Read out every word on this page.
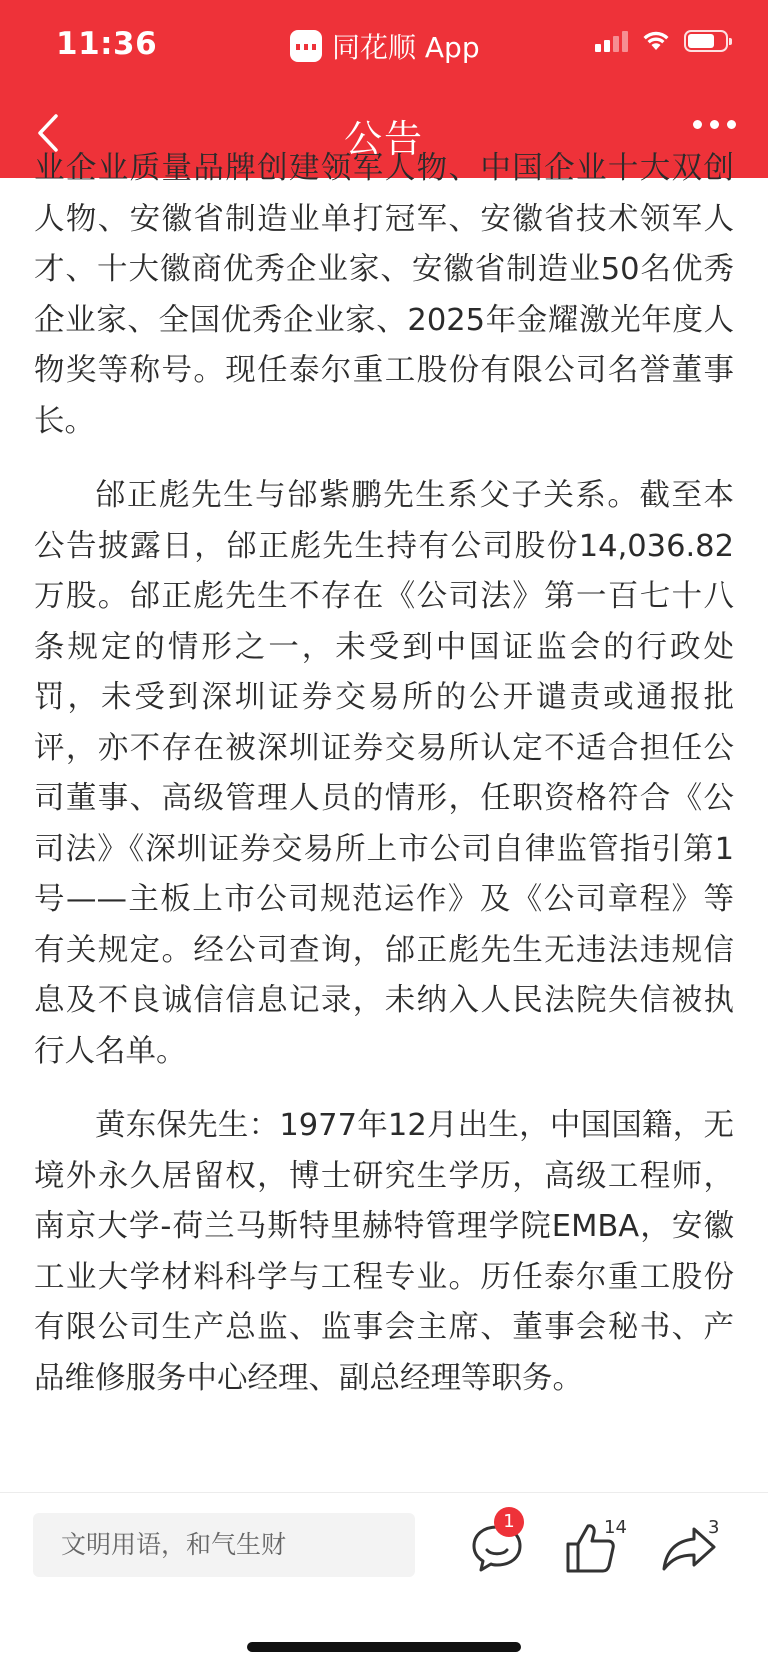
11:36	同花顺 App
公告

业企业质量品牌创建领军人物、中国企业十大双创人物、安徽省制造业单打冠军、安徽省技术领军人才、十大徽商优秀企业家、安徽省制造业50名优秀企业家、全国优秀企业家、2025年金耀激光年度人物奖等称号。现任泰尔重工股份有限公司名誉董事长。

邰正彪先生与邰紫鹏先生系父子关系。截至本公告披露日，邰正彪先生持有公司股份14,036.82万股。邰正彪先生不存在《公司法》第一百七十八条规定的情形之一，未受到中国证监会的行政处罚，未受到深圳证券交易所的公开谴责或通报批评，亦不存在被深圳证券交易所认定不适合担任公司董事、高级管理人员的情形，任职资格符合《公司法》《深圳证券交易所上市公司自律监管指引第1号——主板上市公司规范运作》及《公司章程》等有关规定。经公司查询，邰正彪先生无违法违规信息及不良诚信信息记录，未纳入人民法院失信被执行人名单。

黄东保先生：1977年12月出生，中国国籍，无境外永久居留权，博士研究生学历，高级工程师，南京大学-荷兰马斯特里赫特管理学院EMBA，安徽工业大学材料科学与工程专业。历任泰尔重工股份有限公司生产总监、监事会主席、董事会秘书、产品维修服务中心经理、副总经理等职务。

文明用语，和气生财
1	14	3
